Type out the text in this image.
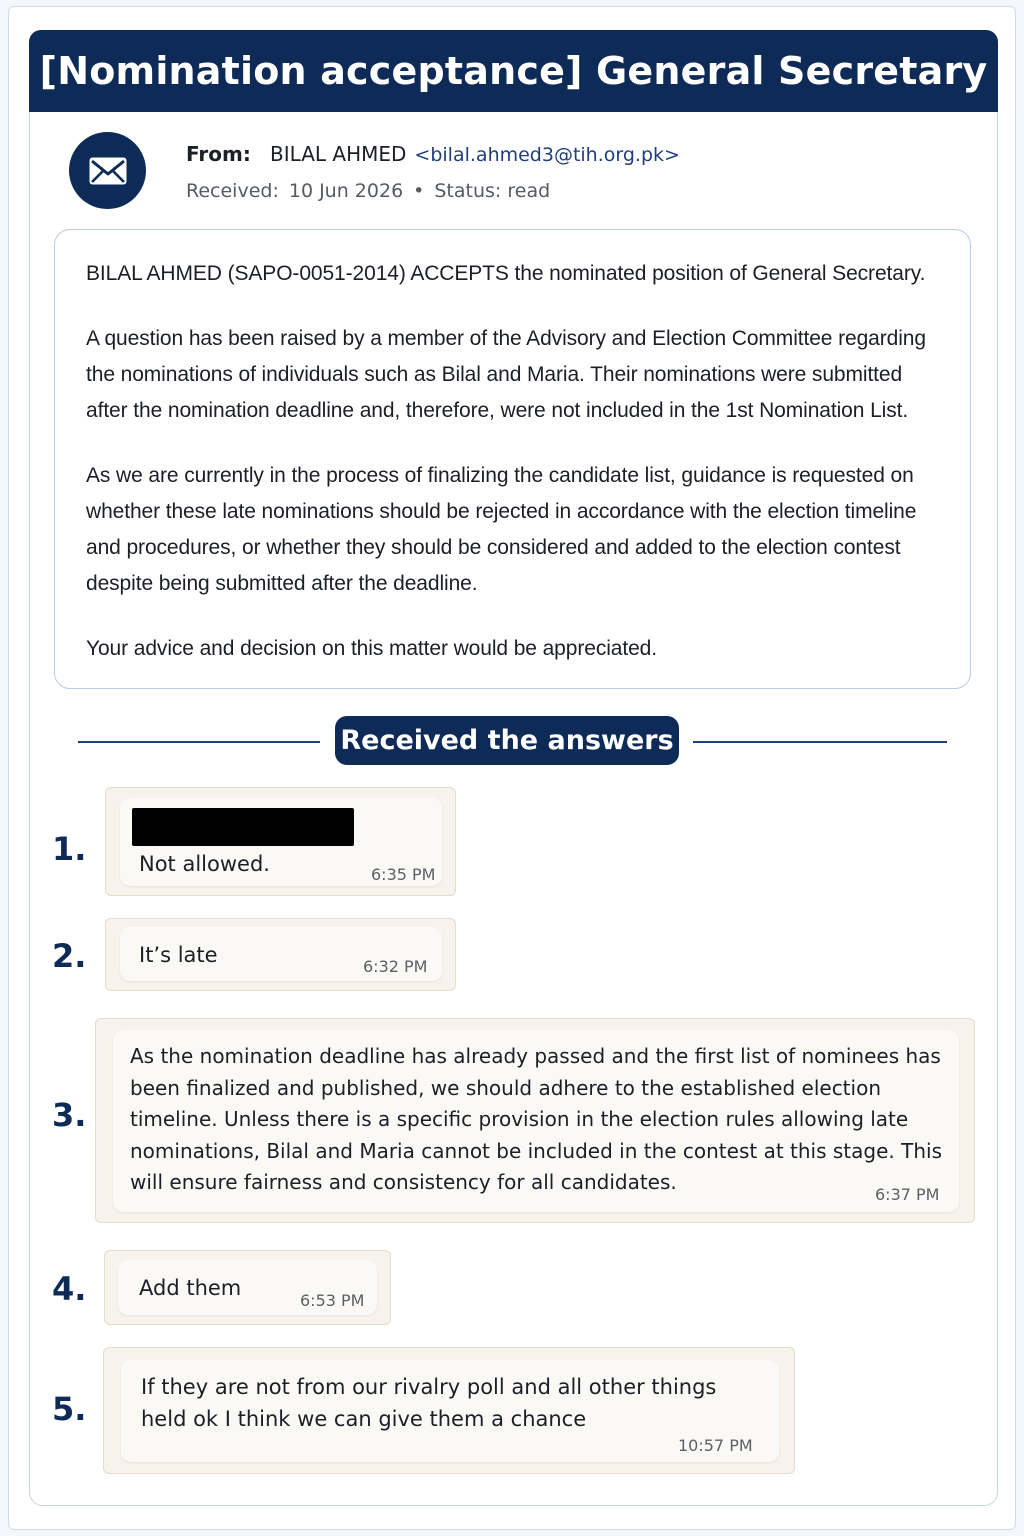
[Nomination acceptance] General Secretary
From: BILAL AHMED <bilal.ahmed3@tih.org.pk>
Received: 10 Jun 2026 • Status: read

BILAL AHMED (SAPO-0051-2014) ACCEPTS the nominated position of General Secretary.

A question has been raised by a member of the Advisory and Election Committee regarding the nominations of individuals such as Bilal and Maria. Their nominations were submitted after the nomination deadline and, therefore, were not included in the 1st Nomination List.

As we are currently in the process of finalizing the candidate list, guidance is requested on whether these late nominations should be rejected in accordance with the election timeline and procedures, or whether they should be considered and added to the election contest despite being submitted after the deadline.

Your advice and decision on this matter would be appreciated.

Received the answers
1.	Not allowed.	6:35 PM
2.	It’s late	6:32 PM
3.
As the nomination deadline has already passed and the first list of nominees has been finalized and published, we should adhere to the established election timeline. Unless there is a specific provision in the election rules allowing late nominations, Bilal and Maria cannot be included in the contest at this stage. This will ensure fairness and consistency for all candidates.
6:37 PM
4.	Add them
6:53 PM
5.
If they are not from our rivalry poll and all other things held ok I think we can give them a chance
10:57 PM
